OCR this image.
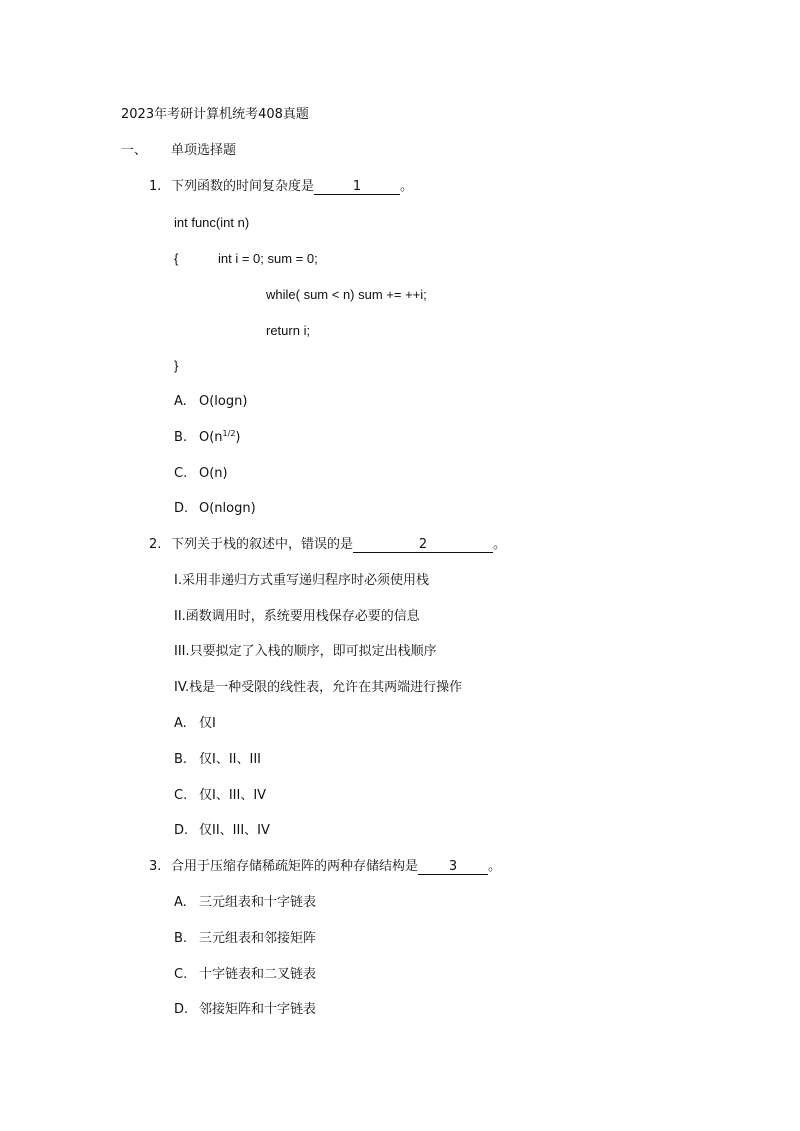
2023年考研计算机统考408真题
一、 单项选择题
1. 下列函数的时间复杂度是	1	。
int func(int n)
{	int i = 0; sum = 0;
while( sum < n) sum += ++i;
return i;
}
A. O(logn)
B. $O(n^{1/2})$
C. O(n)
D. O(nlogn)
2. 下列关于栈的叙述中，错误的是	2	。
I.采用非递归方式重写递归程序时必须使用栈
II.函数调用时，系统要用栈保存必要的信息
III.只要拟定了入栈的顺序，即可拟定出栈顺序
IV.栈是一种受限的线性表，允许在其两端进行操作
A. 仅I
B. 仅I、II、III
C. 仅I、III、IV
D. 仅II、III、IV
3. 合用于压缩存储稀疏矩阵的两种存储结构是 3 。
A. 三元组表和十字链表
B. 三元组表和邻接矩阵
C. 十字链表和二叉链表
D. 邻接矩阵和十字链表
